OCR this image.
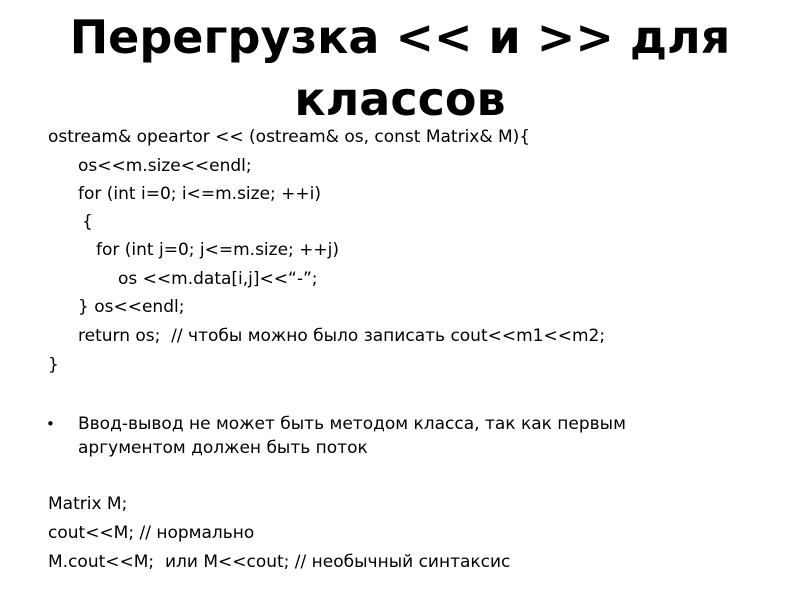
Перегрузка << и >> для
классов
ostream& opeartor << (ostream& os, const Matrix& M){
os<<m.size<<endl;
for (int i=0; i<=m.size; ++i)
{
for (int j=0; j<=m.size; ++j)
os <<m.data[i,j]<<“-”;
} os<<endl;
return os;  // чтобы можно было записать cout<<m1<<m2;
}
• Ввод-вывод не может быть методом класса, так как первым
аргументом должен быть поток
Matrix M;
cout<<M; // нормально
M.cout<<M;  или M<<cout; // необычный синтаксис
